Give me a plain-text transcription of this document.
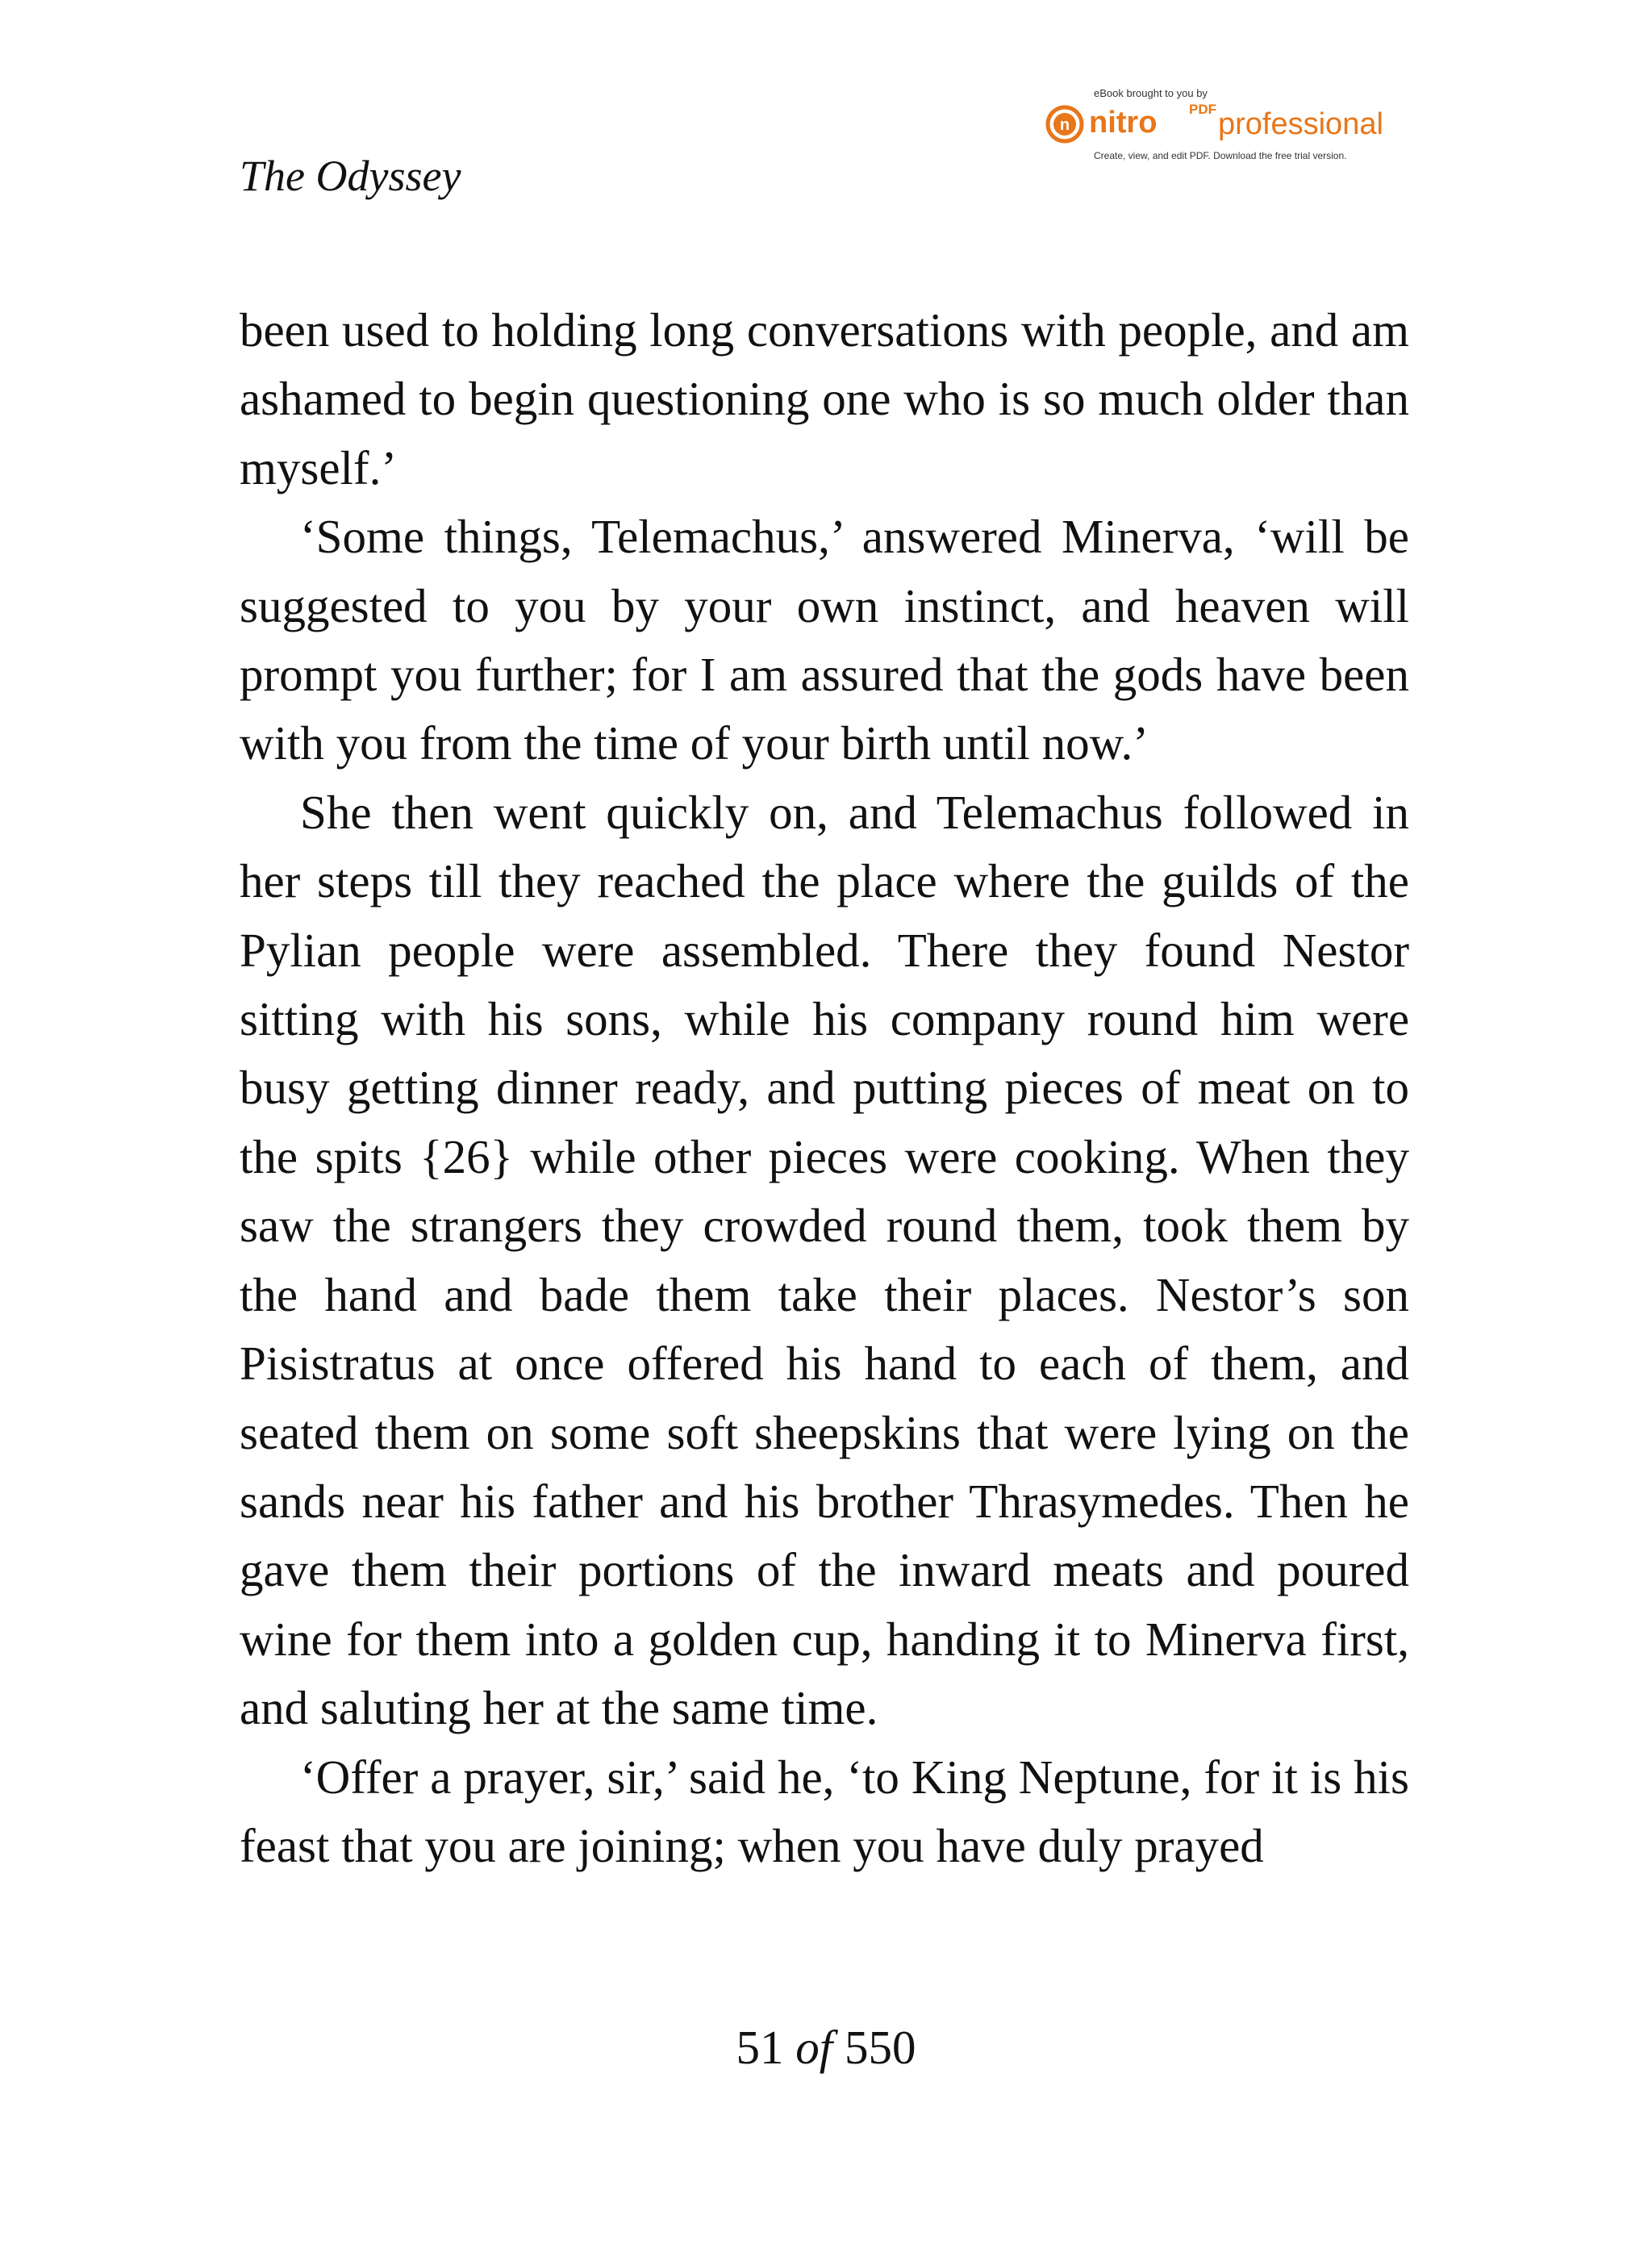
The Odyssey
eBook brought to you by
n nitro PDF professional
Create, view, and edit PDF. Download the free trial version.

been used to holding long conversations with people, and am ashamed to begin questioning one who is so much older than myself.’

‘Some things, Telemachus,’ answered Minerva, ‘will be suggested to you by your own instinct, and heaven will prompt you further; for I am assured that the gods have been with you from the time of your birth until now.’

She then went quickly on, and Telemachus followed in her steps till they reached the place where the guilds of the Pylian people were assembled. There they found Nestor sitting with his sons, while his company round him were busy getting dinner ready, and putting pieces of meat on to the spits {26} while other pieces were cooking. When they saw the strangers they crowded round them, took them by the hand and bade them take their places. Nestor’s son Pisistratus at once offered his hand to each of them, and seated them on some soft sheepskins that were lying on the sands near his father and his brother Thrasymedes. Then he gave them their portions of the inward meats and poured wine for them into a golden cup, handing it to Minerva first, and saluting her at the same time.

‘Offer a prayer, sir,’ said he, ‘to King Neptune, for it is his feast that you are joining; when you have duly prayed

51 of 550
